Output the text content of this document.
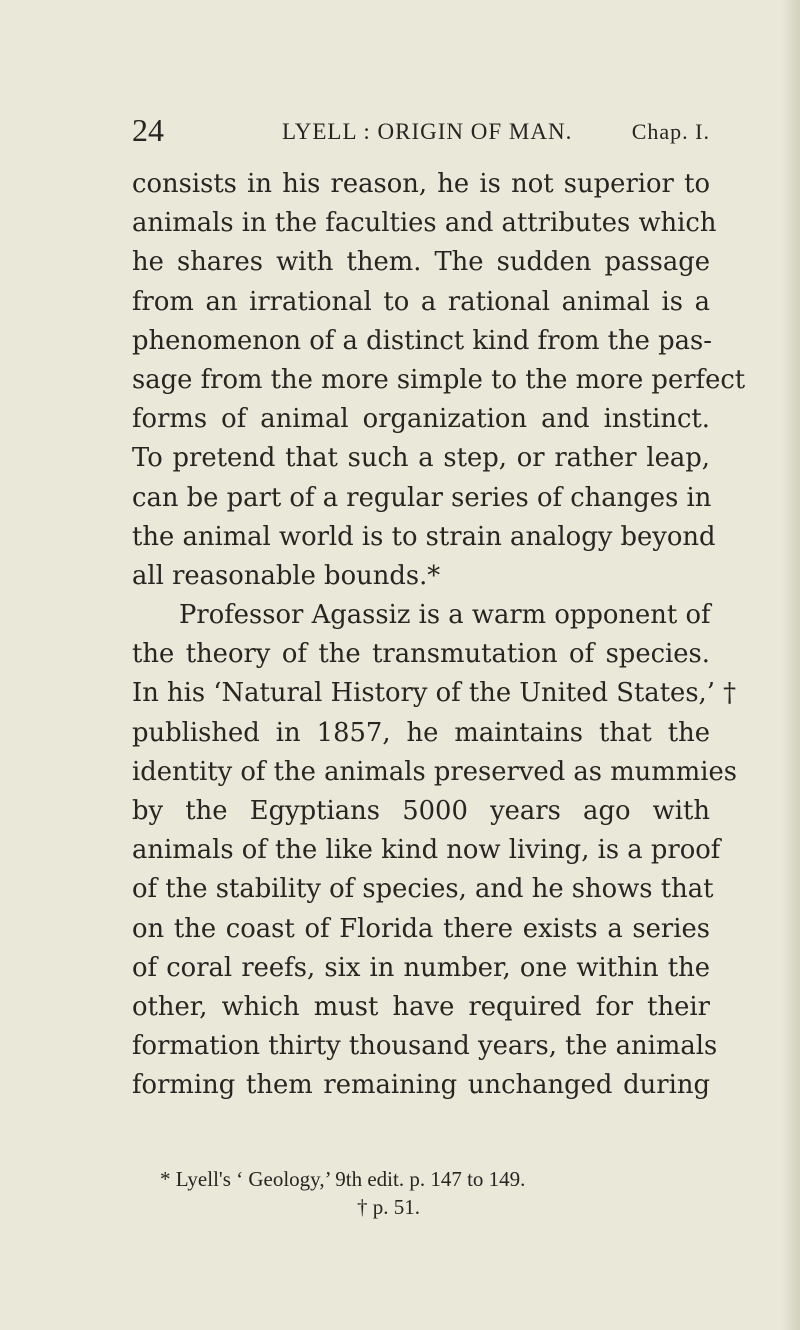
24	LYELL : ORIGIN OF MAN.	Chap. I.
consists in his reason, he is not superior to
animals in the faculties and attributes which
he shares with them. The sudden passage
from an irrational to a rational animal is a
phenomenon of a distinct kind from the pas-
sage from the more simple to the more perfect
forms of animal organization and instinct.
To pretend that such a step, or rather leap,
can be part of a regular series of changes in
the animal world is to strain analogy beyond
all reasonable bounds.*
Professor Agassiz is a warm opponent of
the theory of the transmutation of species.
In his ‘Natural History of the United States,’ †
published in 1857, he maintains that the
identity of the animals preserved as mummies
by the Egyptians 5000 years ago with
animals of the like kind now living, is a proof
of the stability of species, and he shows that
on the coast of Florida there exists a series
of coral reefs, six in number, one within the
other, which must have required for their
formation thirty thousand years, the animals
forming them remaining unchanged during
* Lyell's ‘ Geology,’ 9th edit. p. 147 to 149.
† p. 51.
